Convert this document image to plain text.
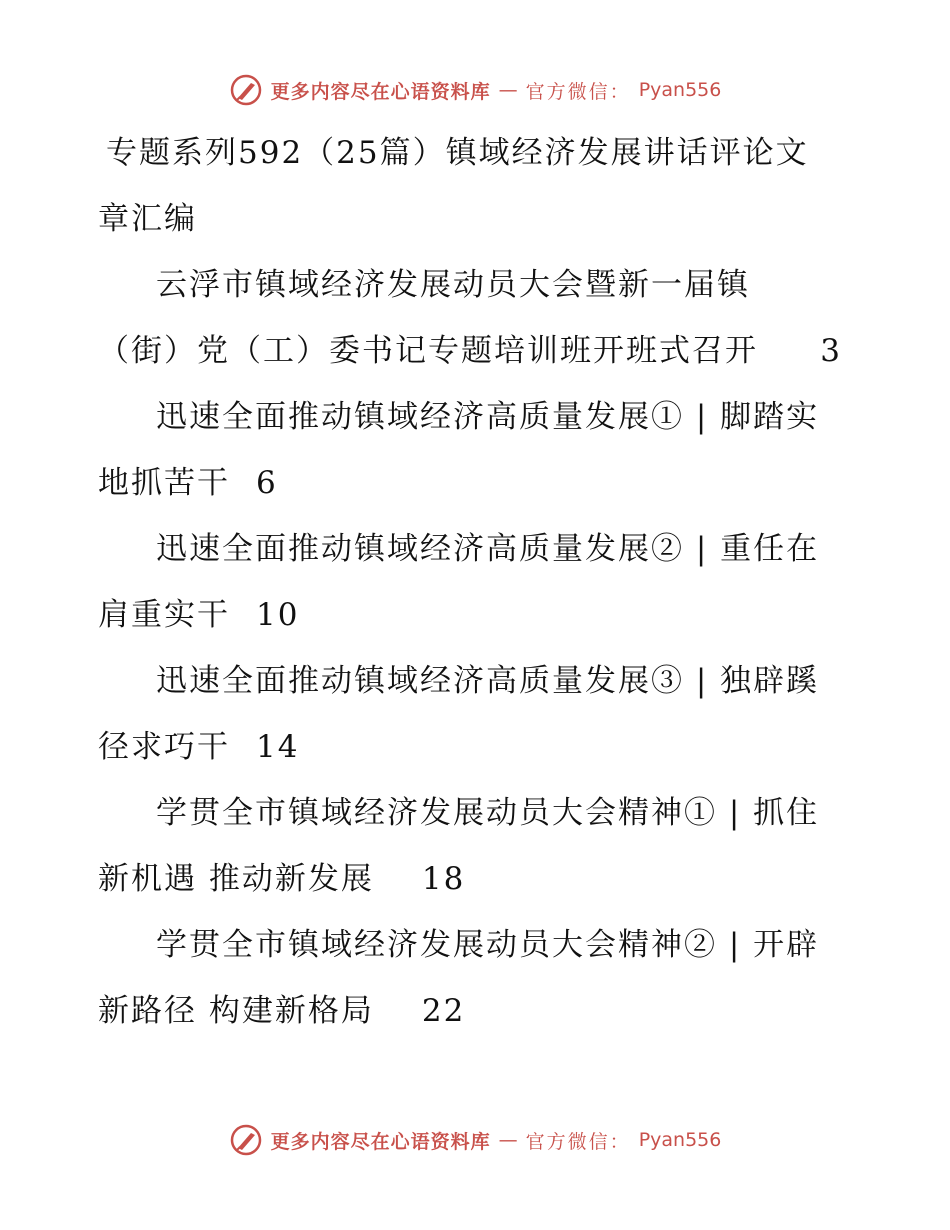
更多内容尽在心语资料库 — 官方微信： Pyan556
专题系列592（25篇）镇域经济发展讲话评论文
章汇编
云浮市镇域经济发展动员大会暨新一届镇
（街）党（工）委书记专题培训班开班式召开 3
迅速全面推动镇域经济高质量发展① | 脚踏实
地抓苦干 6
迅速全面推动镇域经济高质量发展② | 重任在
肩重实干 10
迅速全面推动镇域经济高质量发展③ | 独辟蹊
径求巧干 14
学贯全市镇域经济发展动员大会精神① | 抓住
新机遇 推动新发展 18
学贯全市镇域经济发展动员大会精神② | 开辟
新路径 构建新格局 22
更多内容尽在心语资料库 — 官方微信： Pyan556
